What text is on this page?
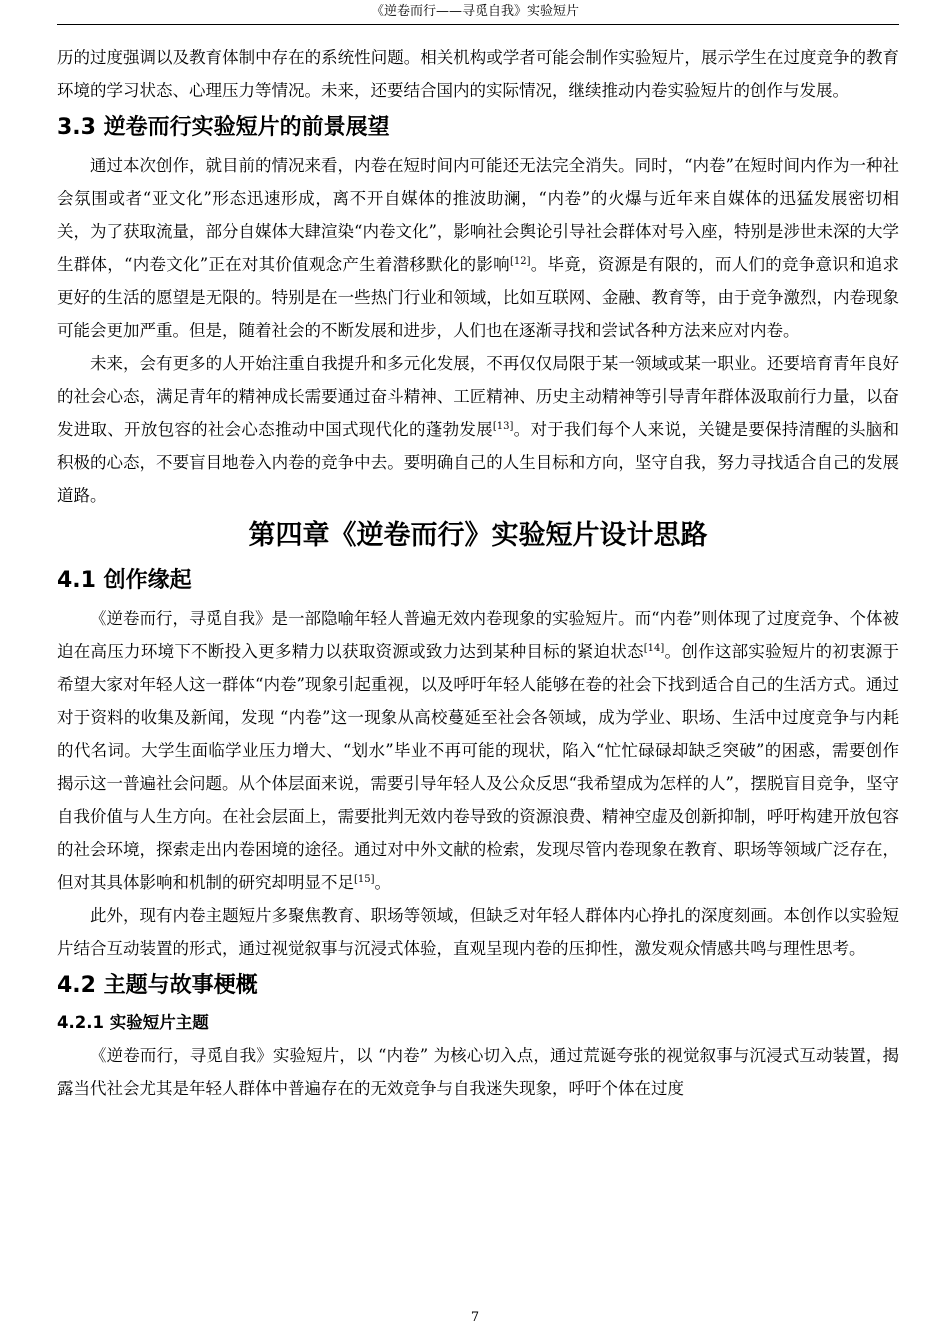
《逆卷而行——寻觅自我》实验短片

历的过度强调以及教育体制中存在的系统性问题。相关机构或学者可能会制作实验短片，展示学生在过度竞争的教育环境的学习状态、心理压力等情况。未来，还要结合国内的实际情况，继续推动内卷实验短片的创作与发展。

3.3 逆卷而行实验短片的前景展望

通过本次创作，就目前的情况来看，内卷在短时间内可能还无法完全消失。同时，“内卷”在短时间内作为一种社会氛围或者“亚文化”形态迅速形成，离不开自媒体的推波助澜，“内卷”的火爆与近年来自媒体的迅猛发展密切相关，为了获取流量，部分自媒体大肆渲染“内卷文化”，影响社会舆论引导社会群体对号入座，特别是涉世未深的大学生群体，“内卷文化”正在对其价值观念产生着潜移默化的影响[12]。毕竟，资源是有限的，而人们的竞争意识和追求更好的生活的愿望是无限的。特别是在一些热门行业和领域，比如互联网、金融、教育等，由于竞争激烈，内卷现象可能会更加严重。但是，随着社会的不断发展和进步，人们也在逐渐寻找和尝试各种方法来应对内卷。

未来，会有更多的人开始注重自我提升和多元化发展，不再仅仅局限于某一领域或某一职业。还要培育青年良好的社会心态，满足青年的精神成长需要通过奋斗精神、工匠精神、历史主动精神等引导青年群体汲取前行力量，以奋发进取、开放包容的社会心态推动中国式现代化的蓬勃发展[13]。对于我们每个人来说，关键是要保持清醒的头脑和积极的心态，不要盲目地卷入内卷的竞争中去。要明确自己的人生目标和方向，坚守自我，努力寻找适合自己的发展道路。

第四章《逆卷而行》实验短片设计思路
4.1 创作缘起

《逆卷而行，寻觅自我》是一部隐喻年轻人普遍无效内卷现象的实验短片。而“内卷”则体现了过度竞争、个体被迫在高压力环境下不断投入更多精力以获取资源或致力达到某种目标的紧迫状态[14]。创作这部实验短片的初衷源于希望大家对年轻人这一群体“内卷”现象引起重视，以及呼吁年轻人能够在卷的社会下找到适合自己的生活方式。通过对于资料的收集及新闻，发现 “内卷”这一现象从高校蔓延至社会各领域，成为学业、职场、生活中过度竞争与内耗的代名词。大学生面临学业压力增大、“划水”毕业不再可能的现状，陷入“忙忙碌碌却缺乏突破”的困惑，需要创作揭示这一普遍社会问题。从个体层面来说，需要引导年轻人及公众反思“我希望成为怎样的人”，摆脱盲目竞争，坚守自我价值与人生方向。在社会层面上，需要批判无效内卷导致的资源浪费、精神空虚及创新抑制，呼吁构建开放包容的社会环境，探索走出内卷困境的途径。通过对中外文献的检索，发现尽管内卷现象在教育、职场等领域广泛存在，但对其具体影响和机制的研究却明显不足[15]。

此外，现有内卷主题短片多聚焦教育、职场等领域，但缺乏对年轻人群体内心挣扎的深度刻画。本创作以实验短片结合互动装置的形式，通过视觉叙事与沉浸式体验，直观呈现内卷的压抑性，激发观众情感共鸣与理性思考。

4.2 主题与故事梗概
4.2.1 实验短片主题

《逆卷而行，寻觅自我》实验短片，以 “内卷” 为核心切入点，通过荒诞夸张的视觉叙事与沉浸式互动装置，揭露当代社会尤其是年轻人群体中普遍存在的无效竞争与自我迷失现象，呼吁个体在过度

7
